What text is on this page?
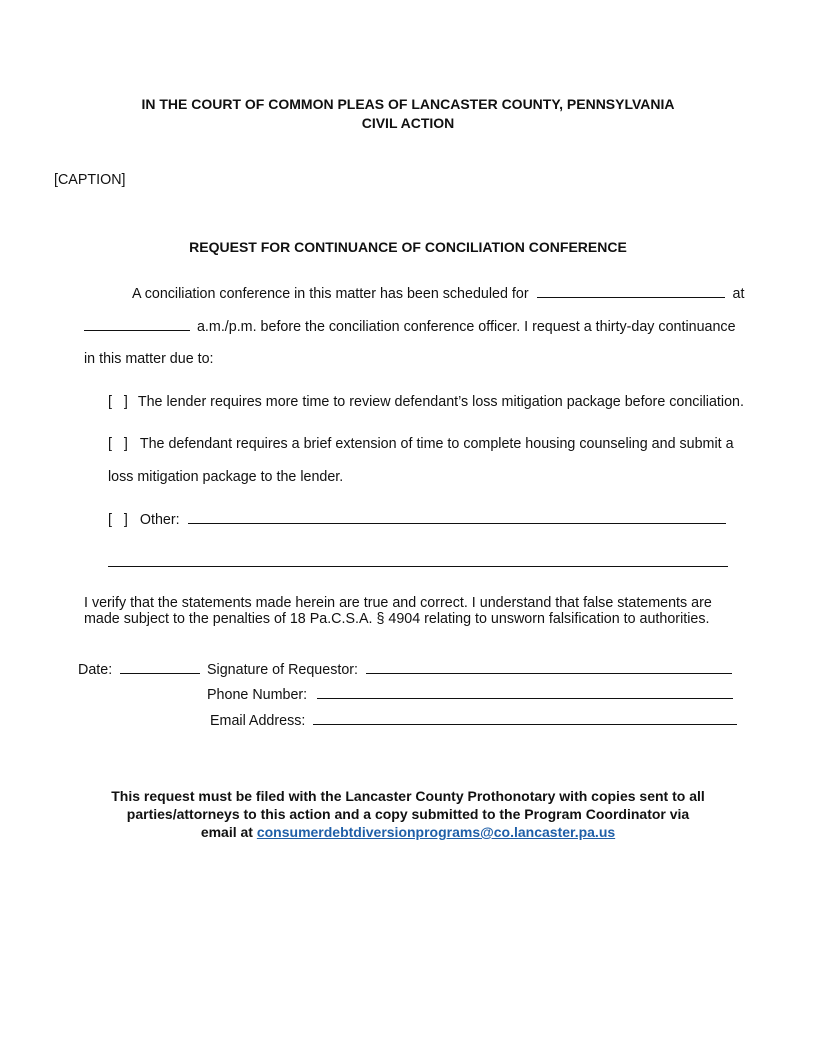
IN THE COURT OF COMMON PLEAS OF LANCASTER COUNTY, PENNSYLVANIA
CIVIL ACTION
[CAPTION]
REQUEST FOR CONTINUANCE OF CONCILIATION CONFERENCE
A conciliation conference in this matter has been scheduled for	at
a.m./p.m. before the conciliation conference officer. I request a thirty-day continuance
in this matter due to:
[   ] The lender requires more time to review defendant’s loss mitigation package before conciliation.
[   ] The defendant requires a brief extension of time to complete housing counseling and submit a
loss mitigation package to the lender.
[   ] Other:
I verify that the statements made herein are true and correct. I understand that false statements are
made subject to the penalties of 18 Pa.C.S.A. § 4904 relating to unsworn falsification to authorities.
Date:	Signature of Requestor:
Phone Number:
Email Address:
This request must be filed with the Lancaster County Prothonotary with copies sent to all
parties/attorneys to this action and a copy submitted to the Program Coordinator via
email at consumerdebtdiversionprograms@co.lancaster.pa.us
